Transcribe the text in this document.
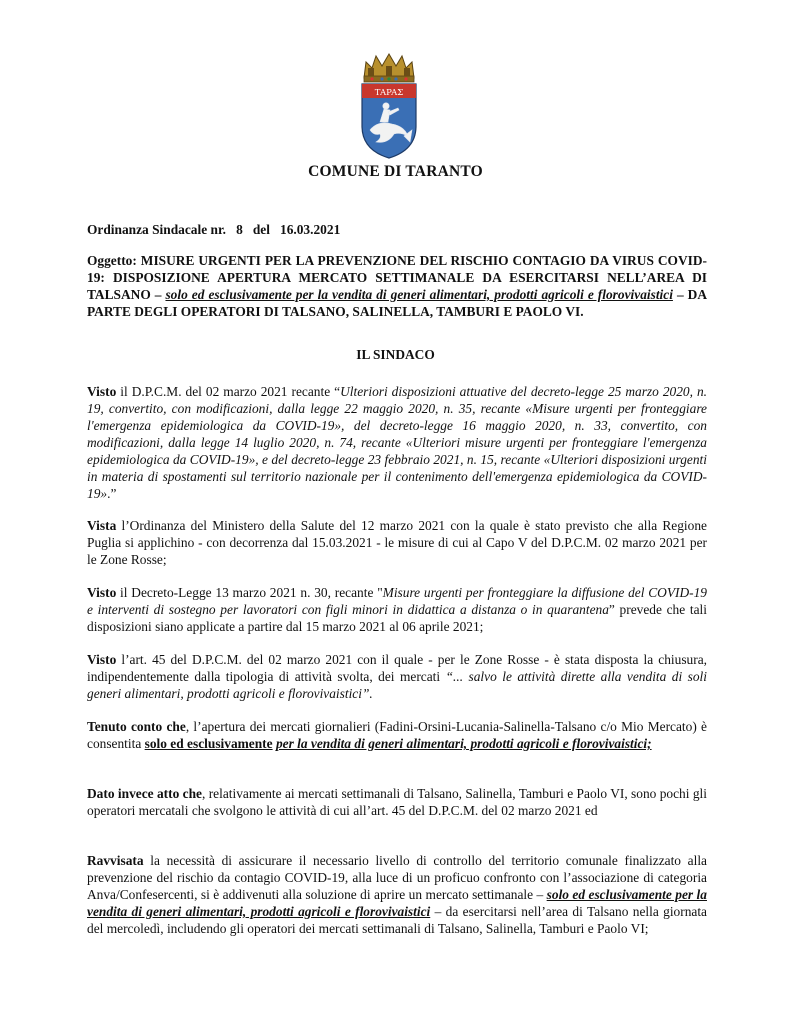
TAPAΣ
COMUNE DI TARANTO
Ordinanza Sindacale nr. 8 del 16.03.2021

Oggetto: MISURE URGENTI PER LA PREVENZIONE DEL RISCHIO CONTAGIO DA VIRUS COVID-19: DISPOSIZIONE APERTURA MERCATO SETTIMANALE DA ESERCITARSI NELL’AREA DI TALSANO – solo ed esclusivamente per la vendita di generi alimentari, prodotti agricoli e florovivaistici – DA PARTE DEGLI OPERATORI DI TALSANO, SALINELLA, TAMBURI E PAOLO VI.

IL SINDACO

Visto il D.P.C.M. del 02 marzo 2021 recante “Ulteriori disposizioni attuative del decreto-legge 25 marzo 2020, n. 19, convertito, con modificazioni, dalla legge 22 maggio 2020, n. 35, recante «Misure urgenti per fronteggiare l'emergenza epidemiologica da COVID-19», del decreto-legge 16 maggio 2020, n. 33, convertito, con modificazioni, dalla legge 14 luglio 2020, n. 74, recante «Ulteriori misure urgenti per fronteggiare l'emergenza epidemiologica da COVID-19», e del decreto-legge 23 febbraio 2021, n. 15, recante «Ulteriori disposizioni urgenti in materia di spostamenti sul territorio nazionale per il contenimento dell'emergenza epidemiologica da COVID-19».”

Vista l’Ordinanza del Ministero della Salute del 12 marzo 2021 con la quale è stato previsto che alla Regione Puglia si applichino - con decorrenza dal 15.03.2021 - le misure di cui al Capo V del D.P.C.M. 02 marzo 2021 per le Zone Rosse;

Visto il Decreto-Legge 13 marzo 2021 n. 30, recante "Misure urgenti per fronteggiare la diffusione del COVID-19 e interventi di sostegno per lavoratori con figli minori in didattica a distanza o in quarantena” prevede che tali disposizioni siano applicate a partire dal 15 marzo 2021 al 06 aprile 2021;

Visto l’art. 45 del D.P.C.M. del 02 marzo 2021 con il quale - per le Zone Rosse - è stata disposta la chiusura, indipendentemente dalla tipologia di attività svolta, dei mercati “... salvo le attività dirette alla vendita di soli generi alimentari, prodotti agricoli e florovivaistici”.

Tenuto conto che, l’apertura dei mercati giornalieri (Fadini-Orsini-Lucania-Salinella-Talsano c/o Mio Mercato) è consentita solo ed esclusivamente per la vendita di generi alimentari, prodotti agricoli e florovivaistici;

Dato invece atto che, relativamente ai mercati settimanali di Talsano, Salinella, Tamburi e Paolo VI, sono pochi gli operatori mercatali che svolgono le attività di cui all’art. 45 del D.P.C.M. del 02 marzo 2021 ed

Ravvisata la necessità di assicurare il necessario livello di controllo del territorio comunale finalizzato alla prevenzione del rischio da contagio COVID-19, alla luce di un proficuo confronto con l’associazione di categoria Anva/Confesercenti, si è addivenuti alla soluzione di aprire un mercato settimanale – solo ed esclusivamente per la vendita di generi alimentari, prodotti agricoli e florovivaistici – da esercitarsi nell’area di Talsano nella giornata del mercoledì, includendo gli operatori dei mercati settimanali di Talsano, Salinella, Tamburi e Paolo VI;
